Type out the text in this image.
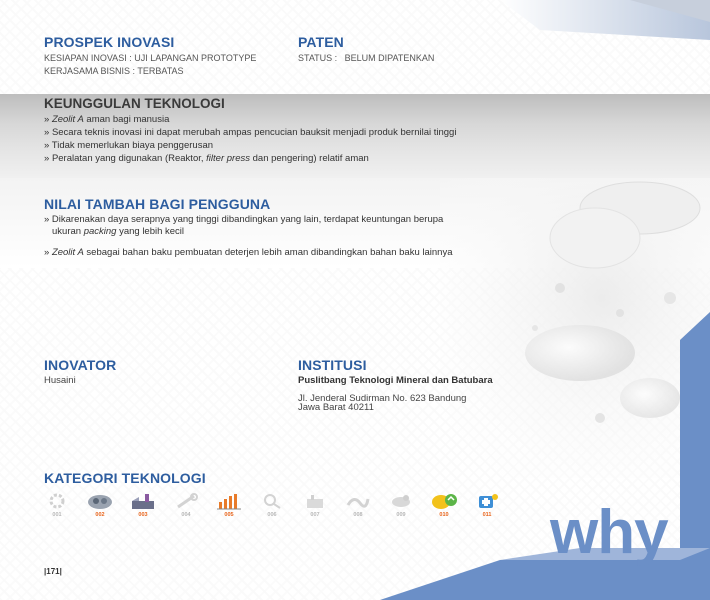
PROSPEK INOVASI
KESIAPAN INOVASI : UJI LAPANGAN PROTOTYPE
KERJASAMA BISNIS : TERBATAS
PATEN
STATUS :   BELUM DIPATENKAN
KEUNGGULAN TEKNOLOGI
» Zeolit A aman bagi manusia
» Secara teknis inovasi ini dapat merubah ampas pencucian bauksit menjadi produk bernilai tinggi
» Tidak memerlukan biaya penggerusan
» Peralatan yang digunakan (Reaktor, filter press dan pengering) relatif aman
NILAI TAMBAH BAGI PENGGUNA
» Dikarenakan daya serapnya yang tinggi dibandingkan yang lain, terdapat keuntungan berupa
ukuran packing yang lebih kecil
» Zeolit A sebagai bahan baku pembuatan deterjen lebih aman dibandingkan bahan baku lainnya
INOVATOR
Husaini
INSTITUSI
Puslitbang Teknologi Mineral dan Batubara
Jl. Jenderal Sudirman No. 623 Bandung
Jawa Barat 40211
KATEGORI TEKNOLOGI
001	002	003	004	005	006	007	008	009	010	011 why
|171|
